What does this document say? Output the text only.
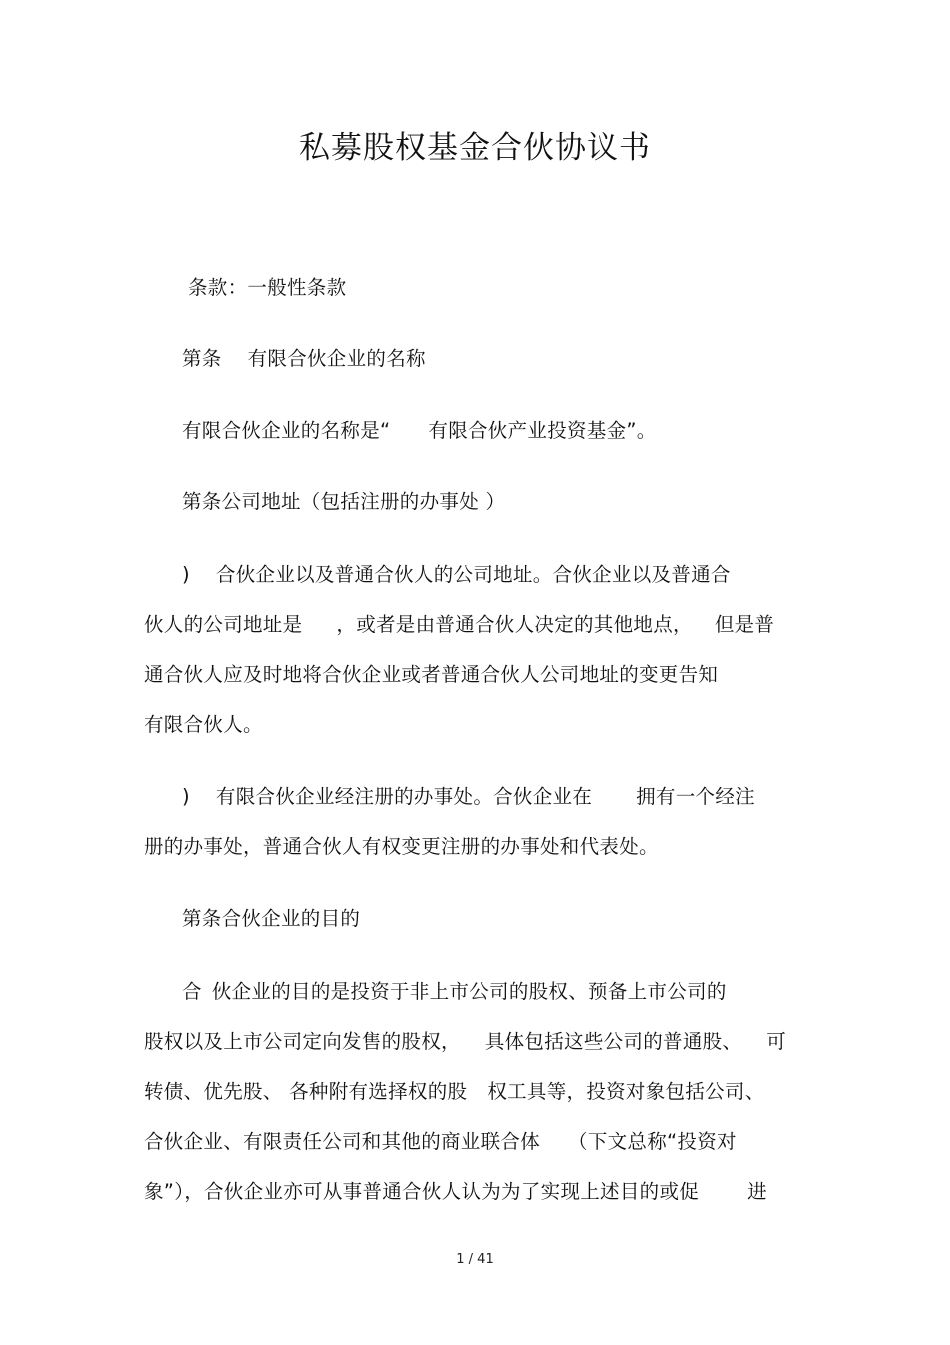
私募股权基金合伙协议书
条款：一般性条款
第条 有限合伙企业的名称
有限合伙企业的名称是“ 有限合伙产业投资基金”。
第条公司地址（包括注册的办事处 ）
) 合伙企业以及普通合伙人的公司地址。合伙企业以及普通合
伙人的公司地址是 ，或者是由普通合伙人决定的其他地点， 但是普
通合伙人应及时地将合伙企业或者普通合伙人公司地址的变更告知
有限合伙人。
) 有限合伙企业经注册的办事处。合伙企业在 拥有一个经注
册的办事处，普通合伙人有权变更注册的办事处和代表处。
第条合伙企业的目的
合 伙企业的目的是投资于非上市公司的股权、预备上市公司的
股权以及上市公司定向发售的股权， 具体包括这些公司的普通股、 可
转债、优先股、 各种附有选择权的股 权工具等，投资对象包括公司、
合伙企业、有限责任公司和其他的商业联合体 （下文总称“投资对
象”），合伙企业亦可从事普通合伙人认为为了实现上述目的或促 进
1 / 41
